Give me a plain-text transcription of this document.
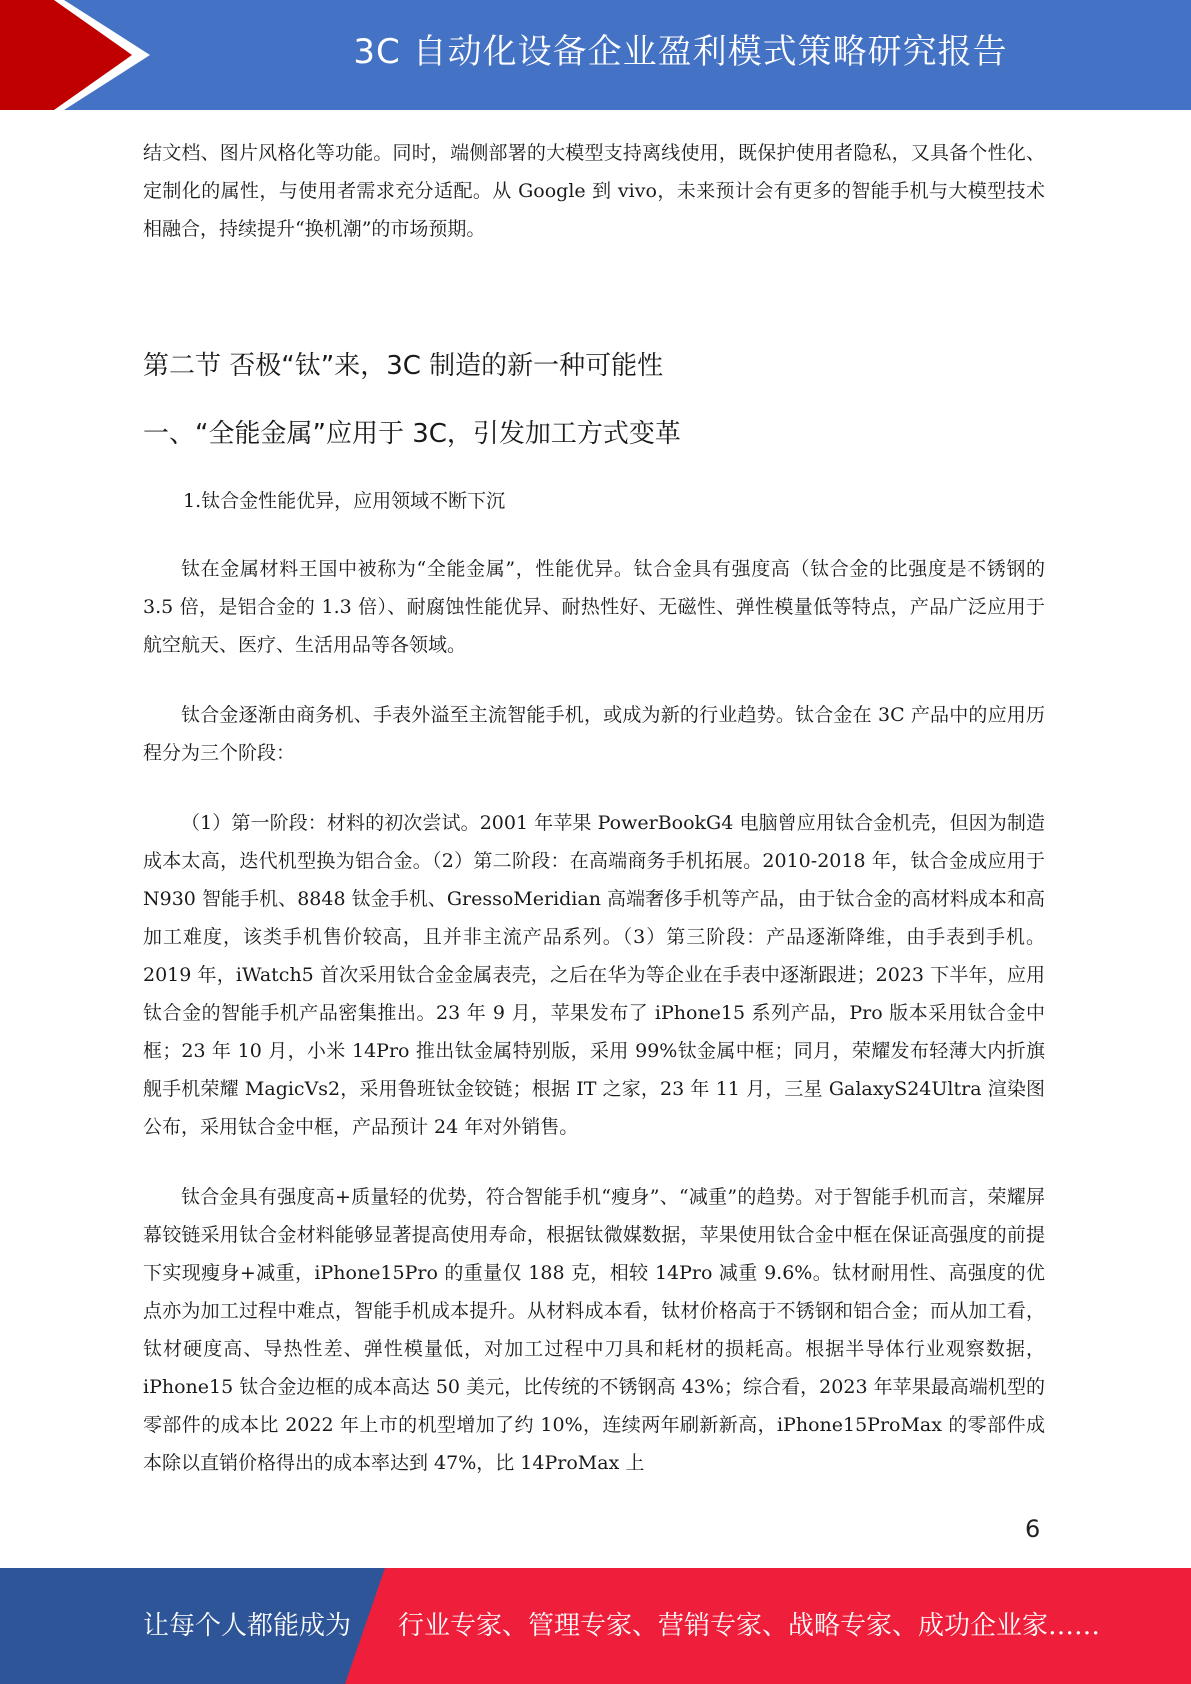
3C 自动化设备企业盈利模式策略研究报告

结文档、图片风格化等功能。同时，端侧部署的大模型支持离线使用，既保护使用者隐私，又具备个性化、定制化的属性，与使用者需求充分适配。从 Google 到 vivo，未来预计会有更多的智能手机与大模型技术相融合，持续提升“换机潮”的市场预期。

第二节 否极“钛”来，3C 制造的新一种可能性
一、“全能金属”应用于 3C，引发加工方式变革

1.钛合金性能优异，应用领域不断下沉

钛在金属材料王国中被称为“全能金属”，性能优异。钛合金具有强度高（钛合金的比强度是不锈钢的 3.5 倍，是铝合金的 1.3 倍）、耐腐蚀性能优异、耐热性好、无磁性、弹性模量低等特点，产品广泛应用于航空航天、医疗、生活用品等各领域。

钛合金逐渐由商务机、手表外溢至主流智能手机，或成为新的行业趋势。钛合金在 3C 产品中的应用历程分为三个阶段：

（1）第一阶段：材料的初次尝试。2001 年苹果 PowerBookG4 电脑曾应用钛合金机壳，但因为制造成本太高，迭代机型换为铝合金。（2）第二阶段：在高端商务手机拓展。2010-2018 年，钛合金成应用于 N930 智能手机、8848 钛金手机、GressoMeridian 高端奢侈手机等产品，由于钛合金的高材料成本和高加工难度，该类手机售价较高，且并非主流产品系列。（3）第三阶段：产品逐渐降维，由手表到手机。2019 年，iWatch5 首次采用钛合金金属表壳，之后在华为等企业在手表中逐渐跟进；2023 下半年，应用钛合金的智能手机产品密集推出。23 年 9 月，苹果发布了 iPhone15 系列产品，Pro 版本采用钛合金中框；23 年 10 月，小米 14Pro 推出钛金属特别版，采用 99%钛金属中框；同月，荣耀发布轻薄大内折旗舰手机荣耀 MagicVs2，采用鲁班钛金铰链；根据 IT 之家，23 年 11 月，三星 GalaxyS24Ultra 渲染图公布，采用钛合金中框，产品预计 24 年对外销售。

钛合金具有强度高+质量轻的优势，符合智能手机“瘦身”、“减重”的趋势。对于智能手机而言，荣耀屏幕铰链采用钛合金材料能够显著提高使用寿命，根据钛微媒数据，苹果使用钛合金中框在保证高强度的前提下实现瘦身+减重，iPhone15Pro 的重量仅 188 克，相较 14Pro 减重 9.6%。钛材耐用性、高强度的优点亦为加工过程中难点，智能手机成本提升。从材料成本看，钛材价格高于不锈钢和铝合金；而从加工看，钛材硬度高、导热性差、弹性模量低，对加工过程中刀具和耗材的损耗高。根据半导体行业观察数据，iPhone15 钛合金边框的成本高达 50 美元，比传统的不锈钢高 43%；综合看，2023 年苹果最高端机型的零部件的成本比 2022 年上市的机型增加了约 10%，连续两年刷新新高，iPhone15ProMax 的零部件成本除以直销价格得出的成本率达到 47%，比 14ProMax 上

6
让每个人都能成为 行业专家、管理专家、营销专家、战略专家、成功企业家……
